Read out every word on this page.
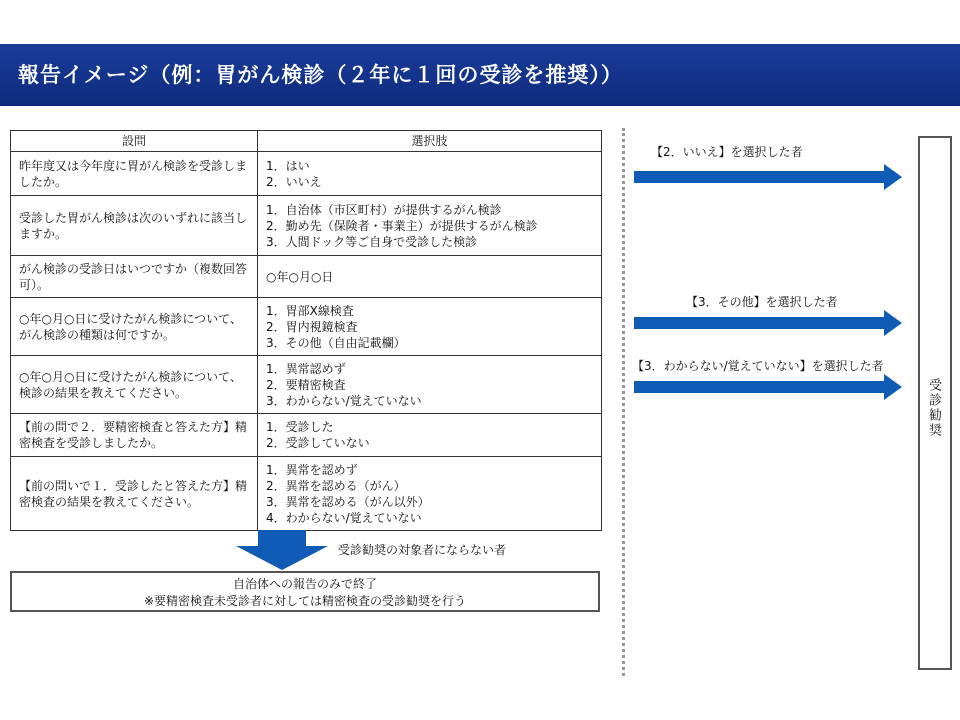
報告イメージ（例：胃がん検診（２年に１回の受診を推奨））
設問	選択肢
昨年度又は今年度に胃がん検診を受診しましたか。	1．はい
2．いいえ

受診した胃がん検診は次のいずれに該当しますか。	1．自治体（市区町村）が提供するがん検診
2．勤め先（保険者・事業主）が提供するがん検診
3．人間ドック等ご自身で受診した検診

がん検診の受診日はいつですか（複数回答可）。	○年○月○日

○年○月○日に受けたがん検診について、がん検診の種類は何ですか。	1．胃部X線検査
2．胃内視鏡検査
3．その他（自由記載欄）

○年○月○日に受けたがん検診について、検診の結果を教えてください。	1．異常認めず
2．要精密検査
3．わからない/覚えていない

【前の問で２．要精密検査と答えた方】精密検査を受診しましたか。	1．受診した
2．受診していない

【前の問いで１．受診したと答えた方】精密検査の結果を教えてください。	1．異常を認めず
2．異常を認める（がん）
3．異常を認める（がん以外）
4．わからない/覚えていない
受診勧奨の対象者にならない者
自治体への報告のみで終了
※要精密検査未受診者に対しては精密検査の受診勧奨を行う
【2．いいえ】を選択した者
【3．その他】を選択した者
【3．わからない/覚えていない】を選択した者
受診勧奨
